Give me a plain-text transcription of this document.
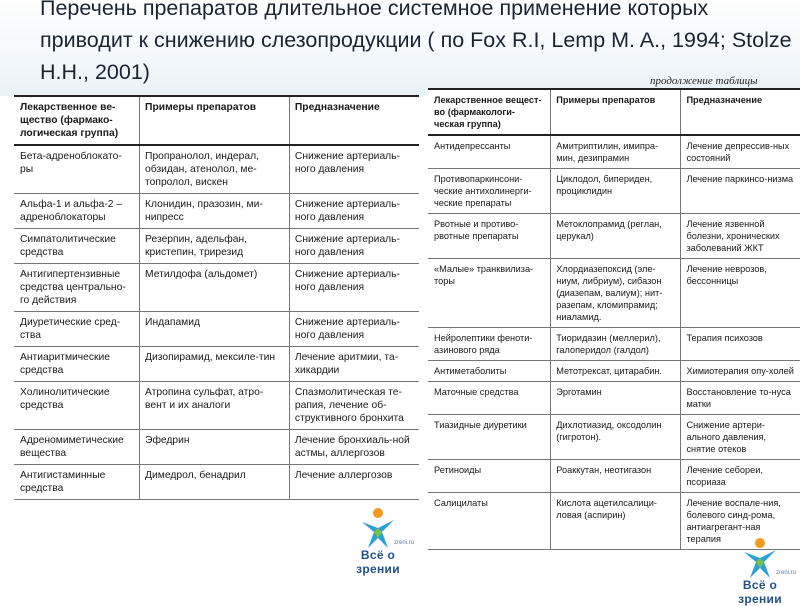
Перечень препаратов длительное системное применение которых приводит к снижению слезопродукции ( по Fox R.I, Lemp M. A., 1994; Stolze H.H., 2001)
Лекарственное ве-щество (фармако-логическая группа)	Примеры препаратов	Предназначение
Бета-адреноблокато-ры	Пропранолол, индерал, обзидан, атенолол, ме-топролол, вискен	Снижение артериаль-ного давления
Альфа-1 и альфа-2 – адреноблокаторы	Клонидин, празозин, ми-нипресс	Снижение артериаль-ного давления
Симпатолитические средства	Резерпин, адельфан, кристепин, трирезид	Снижение артериаль-ного давления
Антигипертензивные средства центрально-го действия	Метилдофа (альдомет)	Снижение артериаль-ного давления
Диуретические сред-ства	Индапамид	Снижение артериаль-ного давления
Антиаритмические средства	Дизопирамид, мексиле-тин	Лечение аритмии, та-хикардии
Холинолитические средства	Атропина сульфат, атро-вент и их аналоги	Спазмолитическая те-рапия, лечение об-структивного бронхита
Адреномиметические вещества	Эфедрин	Лечение бронхиаль-ной астмы, аллергозов
Антигистаминные средства	Димедрол, бенадрил	Лечение аллергозов
продолжение таблицы
Лекарственное вещест-во (фармакологи-ческая группа)	Примеры препаратов	Предназначение
Антидепрессанты	Амитриптилин, имипра-мин, дезипрамин	Лечение депрессив-ных состояний
Противопаркинсони-ческие антихолинерги-ческие препараты	Циклодол, бипериден, проциклидин	Лечение паркинсо-низма
Рвотные и противо-рвотные препараты	Метоклопрамид (реглан, церукал)	Лечение язвенной болезни, хронических заболеваний ЖКТ
«Малые» транквилиза-торы	Хлордиазепоксид (эле-ниум, либриум), сибазон (диазепам, валиум); нит-разепам, кломипрамид; ниаламид.	Лечение неврозов, бессонницы
Нейролептики феноти-азинового ряда	Тиоридазин (меллерил), галоперидол (галдол)	Терапия психозов
Антиметаболиты	Метотрексат, цитарабин.	Химиотерапия опу-холей
Маточные средства	Эрготамин	Восстановление то-нуса матки
Тиазидные диуретики	Дихлотиазид, оксодолин (гигротон).	Снижение артери-ального давления, снятие отеков
Ретиноиды	Роаккутан, неотигазон	Лечение себореи, псориаза
Салицилаты	Кислота ацетилсалици-ловая (аспирин)	Лечение воспале-ния, болевого синд-рома, антиагрегант-ная терапия
Всё о зрении
zreni.ru
Всё о зрении
zreni.ru
